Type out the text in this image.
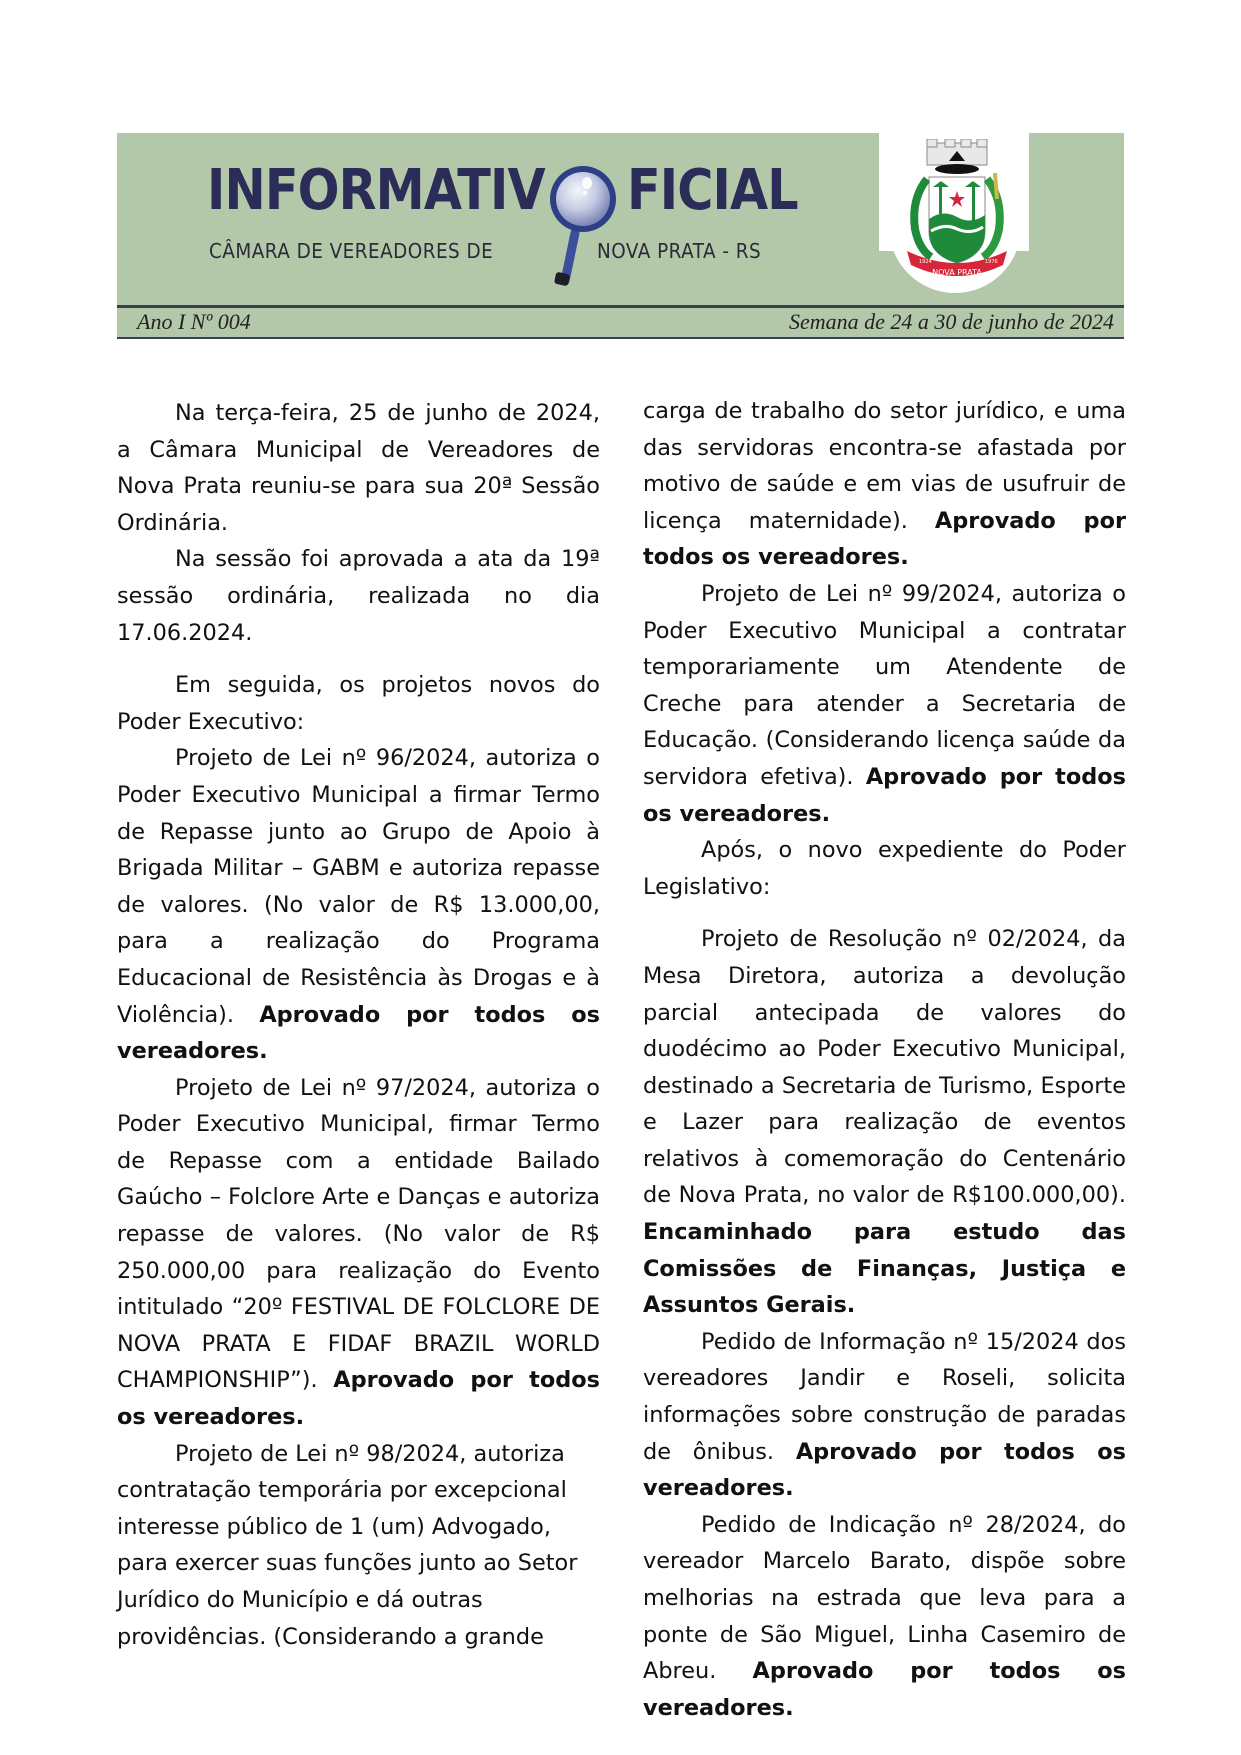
INFORMATIV FICIAL
CÂMARA DE VEREADORES DE	NOVA PRATA - RS
NOVA PRATA
1924	1976
Ano I Nº 004	Semana de 24 a 30 de junho de 2024

Na terça-feira, 25 de junho de 2024, a Câmara Municipal de Vereadores de Nova Prata reuniu-se para sua 20ª Sessão Ordinária.

Na sessão foi aprovada a ata da 19ª sessão ordinária, realizada no dia 17.06.2024.

Em seguida, os projetos novos do Poder Executivo:

Projeto de Lei nº 96/2024, autoriza o Poder Executivo Municipal a firmar Termo de Repasse junto ao Grupo de Apoio à Brigada Militar – GABM e autoriza repasse de valores. (No valor de R$ 13.000,00, para a realização do Programa Educacional de Resistência às Drogas e à Violência). Aprovado por todos os vereadores.

Projeto de Lei nº 97/2024, autoriza o Poder Executivo Municipal, firmar Termo de Repasse com a entidade Bailado Gaúcho – Folclore Arte e Danças e autoriza repasse de valores. (No valor de R$ 250.000,00 para realização do Evento intitulado “20º FESTIVAL DE FOLCLORE DE NOVA PRATA E FIDAF BRAZIL WORLD CHAMPIONSHIP”). Aprovado por todos os vereadores.

Projeto de Lei nº 98/2024, autoriza contratação temporária por excepcional interesse público de 1 (um) Advogado, para exercer suas funções junto ao Setor Jurídico do Município e dá outras providências. (Considerando a grande

carga de trabalho do setor jurídico, e uma das servidoras encontra-se afastada por motivo de saúde e em vias de usufruir de licença maternidade). Aprovado por todos os vereadores.

Projeto de Lei nº 99/2024, autoriza o Poder Executivo Municipal a contratar temporariamente um Atendente de Creche para atender a Secretaria de Educação. (Considerando licença saúde da servidora efetiva). Aprovado por todos os vereadores.

Após, o novo expediente do Poder Legislativo:

Projeto de Resolução nº 02/2024, da Mesa Diretora, autoriza a devolução parcial antecipada de valores do duodécimo ao Poder Executivo Municipal, destinado a Secretaria de Turismo, Esporte e Lazer para realização de eventos relativos à comemoração do Centenário de Nova Prata, no valor de R$100.000,00). Encaminhado para estudo das Comissões de Finanças, Justiça e Assuntos Gerais.

Pedido de Informação nº 15/2024 dos vereadores Jandir e Roseli, solicita informações sobre construção de paradas de ônibus. Aprovado por todos os vereadores.

Pedido de Indicação nº 28/2024, do vereador Marcelo Barato, dispõe sobre melhorias na estrada que leva para a ponte de São Miguel, Linha Casemiro de Abreu. Aprovado por todos os vereadores.
